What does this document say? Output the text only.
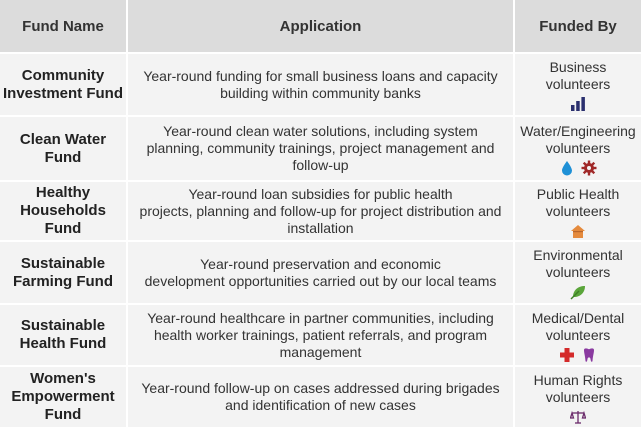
Fund Name	Application	Funded By
Community
Investment Fund
Year-round funding for small business loans and capacity
building within community banks
Business
volunteers
Clean Water
Fund
Year-round clean water solutions, including system
planning, community trainings, project management and
follow-up
Water/Engineering
volunteers
Healthy
Households Fund
Year-round loan subsidies for public health
projects, planning and follow-up for project distribution and
installation
Public Health
volunteers
Sustainable
Farming Fund
Year-round preservation and economic
development opportunities carried out by our local teams
Environmental
volunteers
Sustainable
Health Fund
Year-round healthcare in partner communities, including
health worker trainings, patient referrals, and program
management
Medical/Dental
volunteers
Women's
Empowerment
Fund
Year-round follow-up on cases addressed during brigades
and identification of new cases
Human Rights
volunteers
